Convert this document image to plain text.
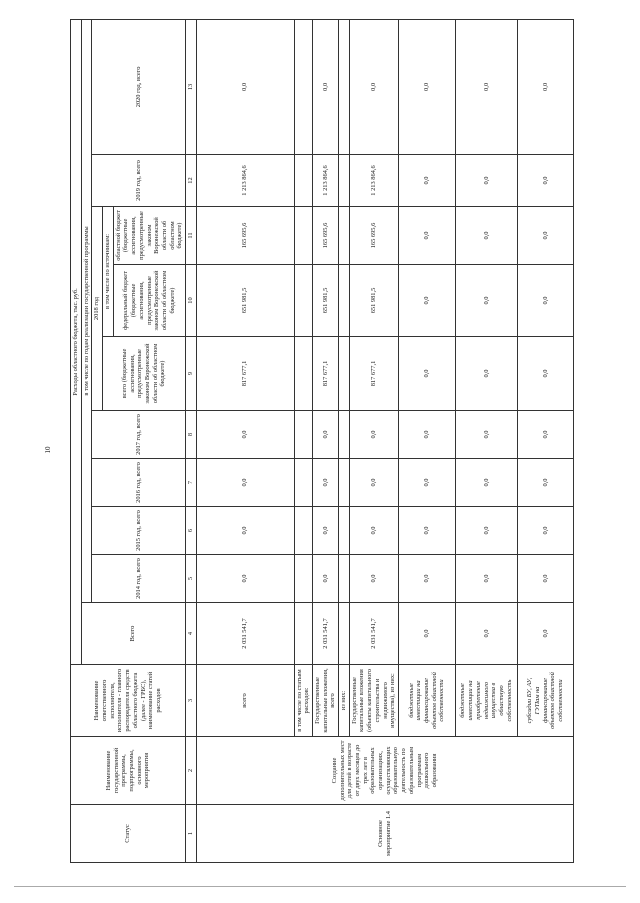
10
Статус	Наименование государственной программы, подпрограммы, основного мероприятия	Наименование ответственного исполнителя, исполнителя - главного распорядителя средств областного бюджета (далее - ГРБС), наименование статей расходов	Расходы областного бюджета, тыс. руб.									
			Всего	в том числе по годам реализации государственной программы								
				2014 год, всего	2015 год, всего	2016 год, всего	2017 год, всего	2018 год			2019 год, всего	2020 год, всего
								всего (бюджетные ассигнования, предусмотренные законом Воронежской области об областном бюджете)	в том числе по источникам:			
									федеральный бюджет (бюджетные ассигнования, предусмотренные законом Воронежской области об областном бюджете)	областной бюджет (бюджетные ассигнования, предусмотренные законом Воронежской области об областном бюджете)		
1	2	3	4	5	6	7	8	9	10	11	12	13
Основное мероприятие 1.4	Создание дополнительных мест для детей в возрасте от двух месяцев до трех лет в образовательных организациях, осуществляющих образовательную деятельность по образовательным программам дошкольного образования	всего	2 031 541,7	0,0	0,0	0,0	0,0	817 677,1	651 981,5	165 695,6	1 213 864,6	0,0
		в том числе по статьям расходов:										
		Государственные капитальные вложения, всего	2 031 541,7	0,0	0,0	0,0	0,0	817 677,1	651 981,5	165 695,6	1 213 864,6	0,0
		из них:										
		Государственные капитальные вложения (объекты капитального строительства и недвижимого имущества), из них:	2 031 541,7	0,0	0,0	0,0	0,0	817 677,1	651 981,5	165 695,6	1 213 864,6	0,0
		бюджетные инвестиции на финансирование объектов областной собственности	0,0	0,0	0,0	0,0	0,0	0,0	0,0	0,0	0,0	0,0
		бюджетные инвестиции на приобретение недвижимого имущества в областную собственность	0,0	0,0	0,0	0,0	0,0	0,0	0,0	0,0	0,0	0,0
		субсидии БУ, АУ, ГУПам на финансирование объектов областной собственности	0,0	0,0	0,0	0,0	0,0	0,0	0,0	0,0	0,0	0,0
